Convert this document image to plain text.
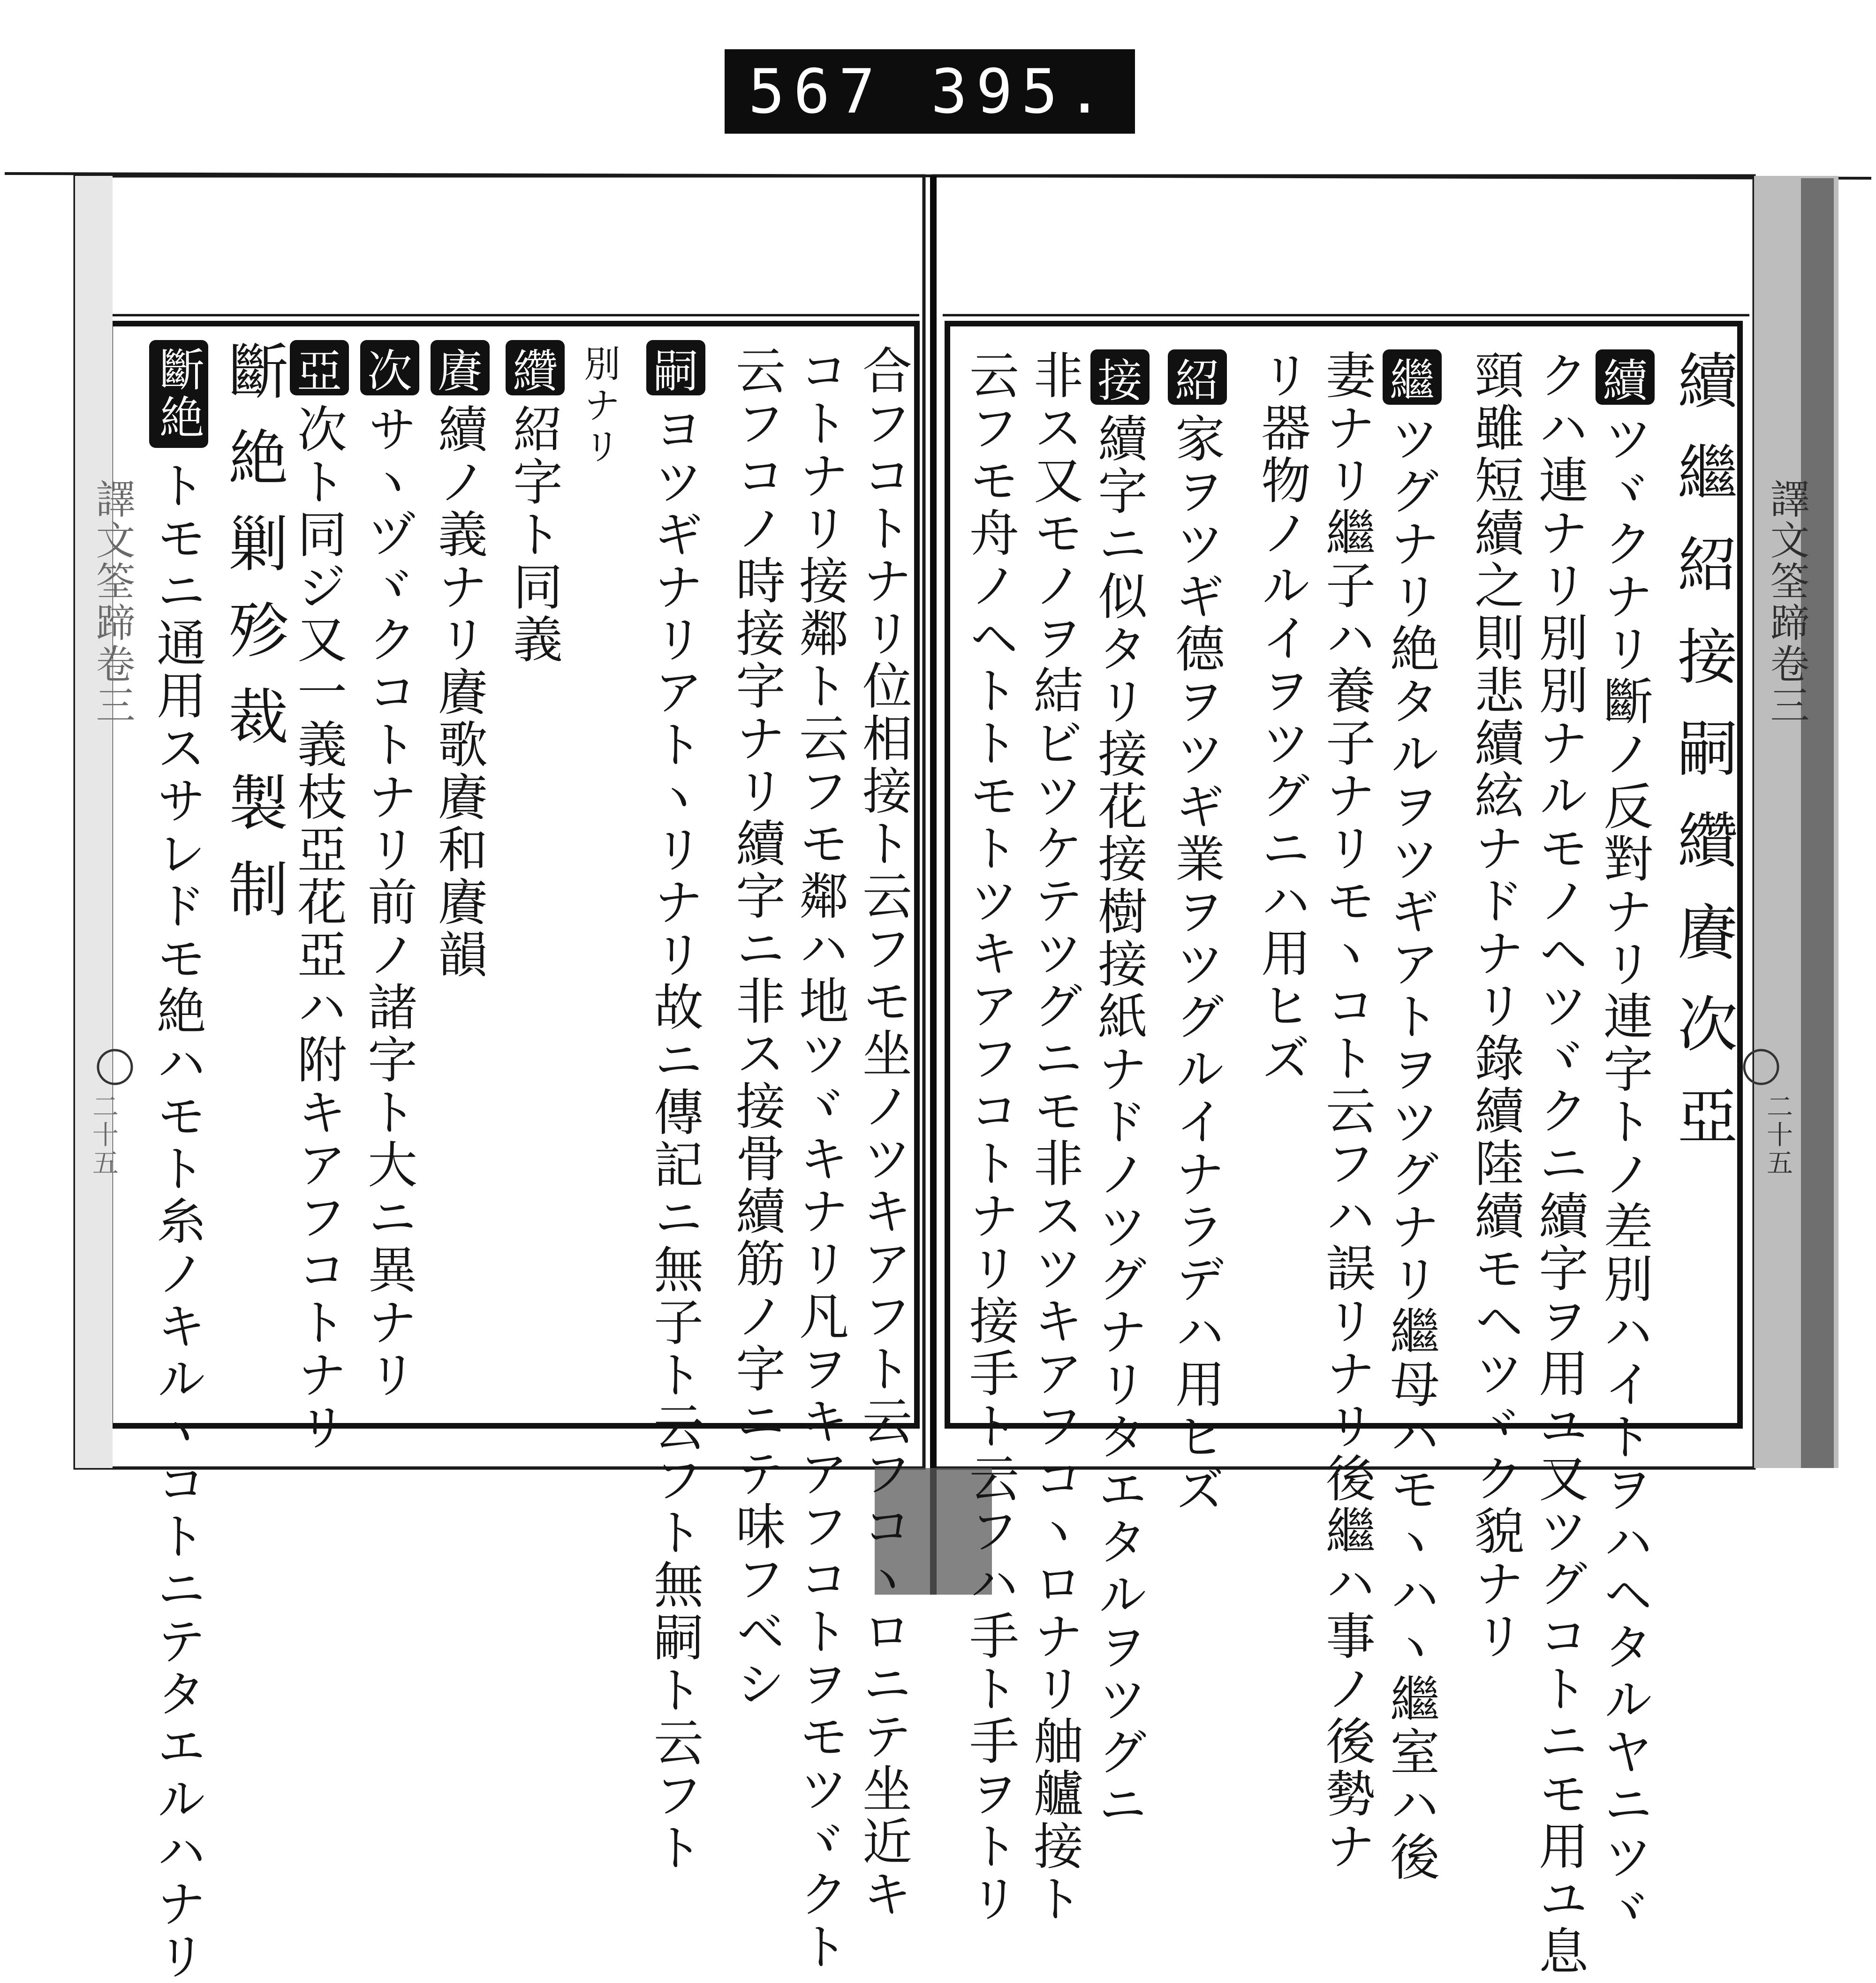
567 395.
譯文筌蹄卷三
二十五
譯文筌蹄卷三
二十五
續繼紹接嗣纘賡次亞
續
ツヾクナリ斷ノ反對ナリ連字トノ差別ハイトヲハヘタルヤニツヾ
クハ連ナリ別別ナルモノヘツヾクニ續字ヲ用ユ又ツグコトニモ用ユ息
頸雖短續之則悲續絃ナドナリ錄續陸續モヘツヾク貌ナリ
繼
ツグナリ絶タルヲツギアトヲツグナリ繼母ハモヽハヽ繼室ハ後
妻ナリ繼子ハ養子ナリモヽコト云フハ誤リナリ後繼ハ事ノ後勢ナ
リ器物ノルイヲツグニハ用ヒズ
紹
家ヲツギ德ヲツギ業ヲツグルイナラデハ用ヒズ
接
續字ニ似タリ接花接樹接紙ナドノツグナリタエタルヲツグニ
非ス又モノヲ結ビツケテツグニモ非スツキアフコヽロナリ舳艫接ト
云フモ舟ノヘトトモトツキアフコトナリ接手ト云フハ手ト手ヲトリ
合フコトナリ位相接ト云フモ坐ノツキアフト云フコヽロニテ坐近キ
コトナリ接鄰ト云フモ鄰ハ地ツヾキナリ凡ヲキアフコトヲモツヾクト
云フコノ時接字ナリ續字ニ非ス接骨續筋ノ字ニテ味フベシ
嗣
ヨツギナリアトヽリナリ故ニ傳記ニ無子ト云フト無嗣ト云フト
別ナリ
纘
紹字ト同義
賡
續ノ義ナリ賡歌賡和賡韻
次
サヽヅヾクコトナリ前ノ諸字ト大ニ異ナリ
亞
次ト同ジ又一義枝亞花亞ハ附キアフコトナリ
斷絶剿殄裁製制
斷絶
トモニ通用スサレドモ絶ハモト糸ノキルヽコトニテタエルハナリ
